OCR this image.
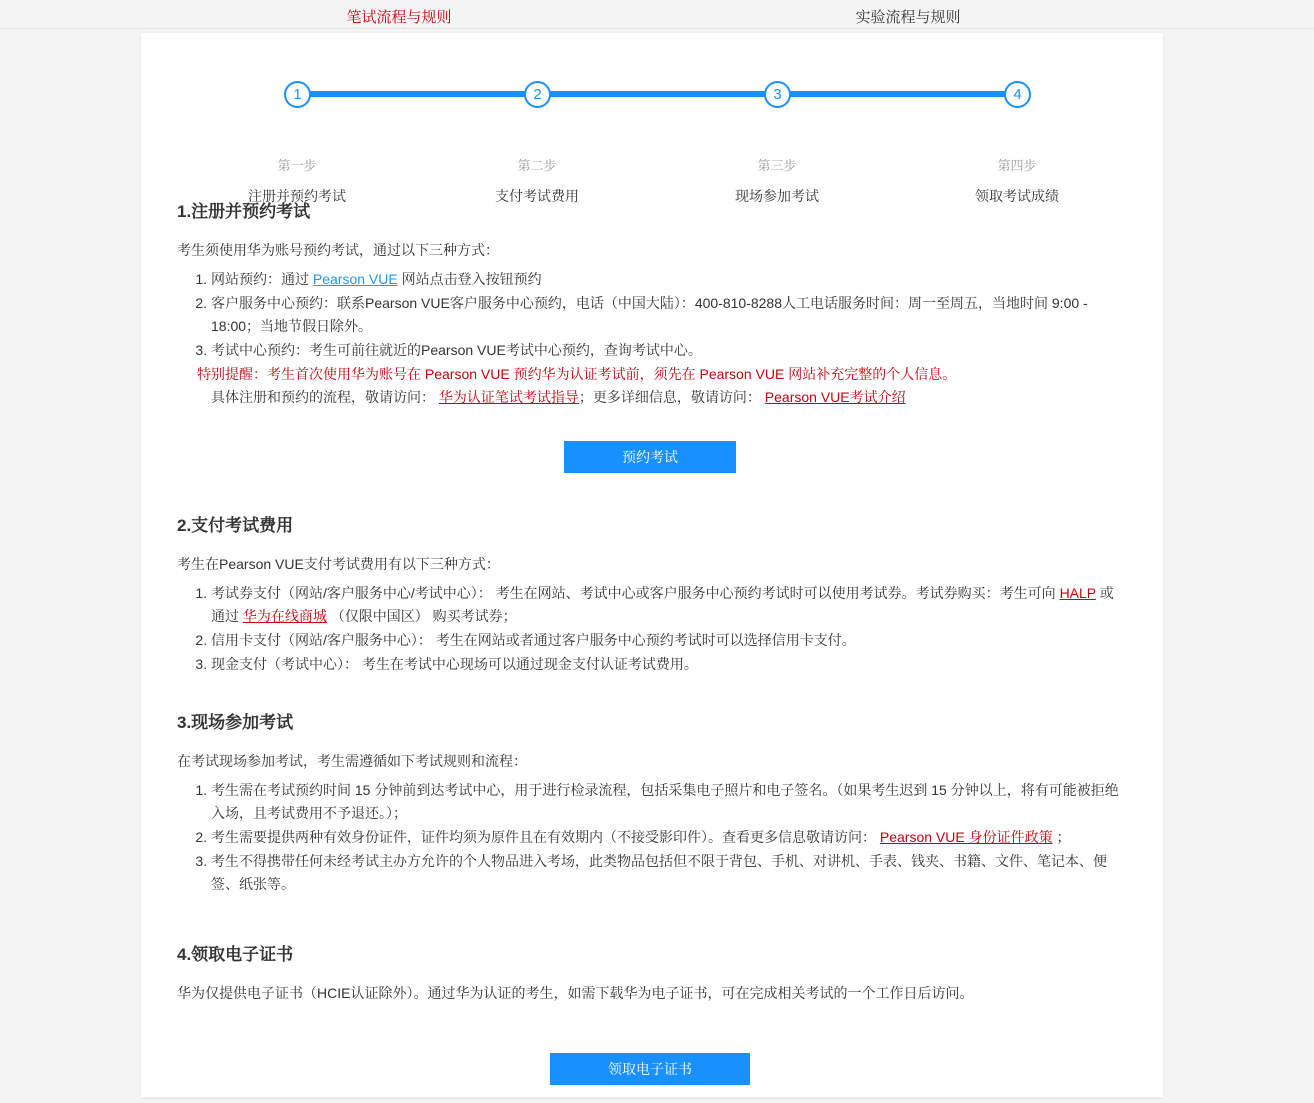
笔试流程与规则	实验流程与规则
1	2	3	4
第一步	第二步	第三步	第四步
注册并预约考试	支付考试费用	现场参加考试	领取考试成绩
1.注册并预约考试
考生须使用华为账号预约考试，通过以下三种方式：
1. 网站预约：通过 Pearson VUE 网站点击登入按钮预约
2. 客户服务中心预约：联系Pearson VUE客户服务中心预约，电话（中国大陆）：400-810-8288人工电话服务时间：周一至周五，当地时间 9:00 - 18:00；当地节假日除外。
3. 考试中心预约：考生可前往就近的Pearson VUE考试中心预约，查询考试中心。
特别提醒：考生首次使用华为账号在 Pearson VUE 预约华为认证考试前，须先在 Pearson VUE 网站补充完整的个人信息。
具体注册和预约的流程，敬请访问： 华为认证笔试考试指导；更多详细信息，敬请访问： Pearson VUE考试介绍
预约考试
2.支付考试费用
考生在Pearson VUE支付考试费用有以下三种方式：
1. 考试券支付（网站/客户服务中心/考试中心）： 考生在网站、考试中心或客户服务中心预约考试时可以使用考试券。考试券购买：考生可向 HALP 或通过 华为在线商城 （仅限中国区） 购买考试券；
2. 信用卡支付（网站/客户服务中心）： 考生在网站或者通过客户服务中心预约考试时可以选择信用卡支付。
3. 现金支付（考试中心）： 考生在考试中心现场可以通过现金支付认证考试费用。
3.现场参加考试
在考试现场参加考试，考生需遵循如下考试规则和流程：
1. 考生需在考试预约时间 15 分钟前到达考试中心，用于进行检录流程，包括采集电子照片和电子签名。（如果考生迟到 15 分钟以上，将有可能被拒绝入场，且考试费用不予退还。）；
2. 考生需要提供两种有效身份证件，证件均须为原件且在有效期内（不接受影印件）。查看更多信息敬请访问： Pearson VUE 身份证件政策 ；
3. 考生不得携带任何未经考试主办方允许的个人物品进入考场，此类物品包括但不限于背包、手机、对讲机、手表、钱夹、书籍、文件、笔记本、便签、纸张等。
4.领取电子证书
华为仅提供电子证书（HCIE认证除外）。通过华为认证的考生，如需下载华为电子证书，可在完成相关考试的一个工作日后访问。
领取电子证书
